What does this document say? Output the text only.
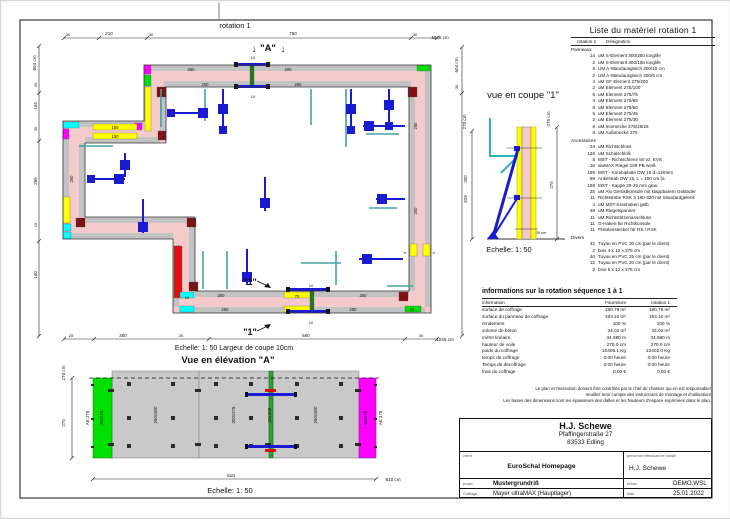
rotation 1
30	210	30	750	30
1045 cm
604 cm
30
134
30
255
15
140
604 cm
30
25	300	25	660	30
1045 cm
250	200
250	200
150
150
250	75	250
250	200
50
55
250
200
250
4	4
↓ "A" ↓
10
10
"1"
"1"
10
10
vue en coupe "1"
Echelle: 1: 50
270 cm
200
629
275 cm
275
25 cm
Echelle: 1: 50 Largeur de coupe 10cm
Vue en élévation "A"
Echelle: 1: 50
270 cm
270
810
810 cm
AE 275 55x275	250x300	200x275	10x300	250x300	45x275 AE 275
Liste du matériel rotation 1
rotation 1 Désignation
Panneaux
14 uM S-Element 300/250 longlife
2 uM S-Element 300/150 longlife
6 UM A-Wandausgleich 300/10 cm
2 UM A-Wandausgleich 300/5 cm
4 uM GF Element 275/200
2 uM Element 275/100
6 uM Element 275/75
4 uM Element 275/65
8 uM Element 275/50
6 uM Element 275/45
2 uM Element 275/30
8 uM Innenecke 275/25/25
8 uM Außenecke 275
Accessoires
24 uM Richtschloss
136 uM Schalschloß
8 MST - Richtschiene 50 vz. EVS
16 aluMAX Riegel 100 PB weiß
198 MST - Kombiplatte DW 15 d=120mm
99 Ankerstab DW 15, L = 100 cm (a
198 MST - Kappe 20-25 mm grau
25 uM Alu Gerüstkonsole mit klappbarem Geländer
11 Richtstrebe RSK 3 160-320 mit Standardgelenk
2 uM MST Kranhaken gelb
48 uM Riegelspanner
11 uM Richtstützenanschluss
11 G-Haken für Richtkonsole
11 Pistolenstecker für RS / RSK
Divers
42 Tuyau en PVC 30 cm (par le client)
2 bois 4 x 12 x 275 cm
46 Tuyau en PVC 25 cm (par le client)
12 Tuyau en PVC 20 cm (par le client)
2 bois 5 x 12 x 275 cm
informations sur la rotation séquence 1 à 1
information	Fourniture	rotation 1
surface de coffrage	180.79 m²	180.79 m²
surface du panneau de coffrage	193.10 m²	193.10 m²
rendement	100 %	100 %
volume de béton	34.02 m³	34.02 m³
mètre linéaire	34.580 m	34.580 m
hauteur de voile	270.0 cm	270.0 cm
poids du coffrage	10405.1 Kg	10402.0 Kg
temps de coffrage	0:00 heure	0:00 heure
Temps de décoffrage	0:00 heure	0:00 heure
frais du coffrage	0,00 €	0,00 €
Le plan et l'exécution doivent être contrôlés par le chef de chantier qui en est responsable!
Veuillez tenir compte des instructions de montage et d'utilisation!
Les bases des dimensions sont les épaisseurs des dalles et les hauteurs d'espace exprimées dans le plan.
H.J. Schewe
Pfaffingerstraße 27
83533 Edling
client
EuroSchal Homepage
projet	Mustergrundriß
Coffrage	Mayer ultraMAX (Hauptlager)
personne effectuant le travail
H.J. Schewe
fichier	DEMO.WSL
date	25.01.2022
